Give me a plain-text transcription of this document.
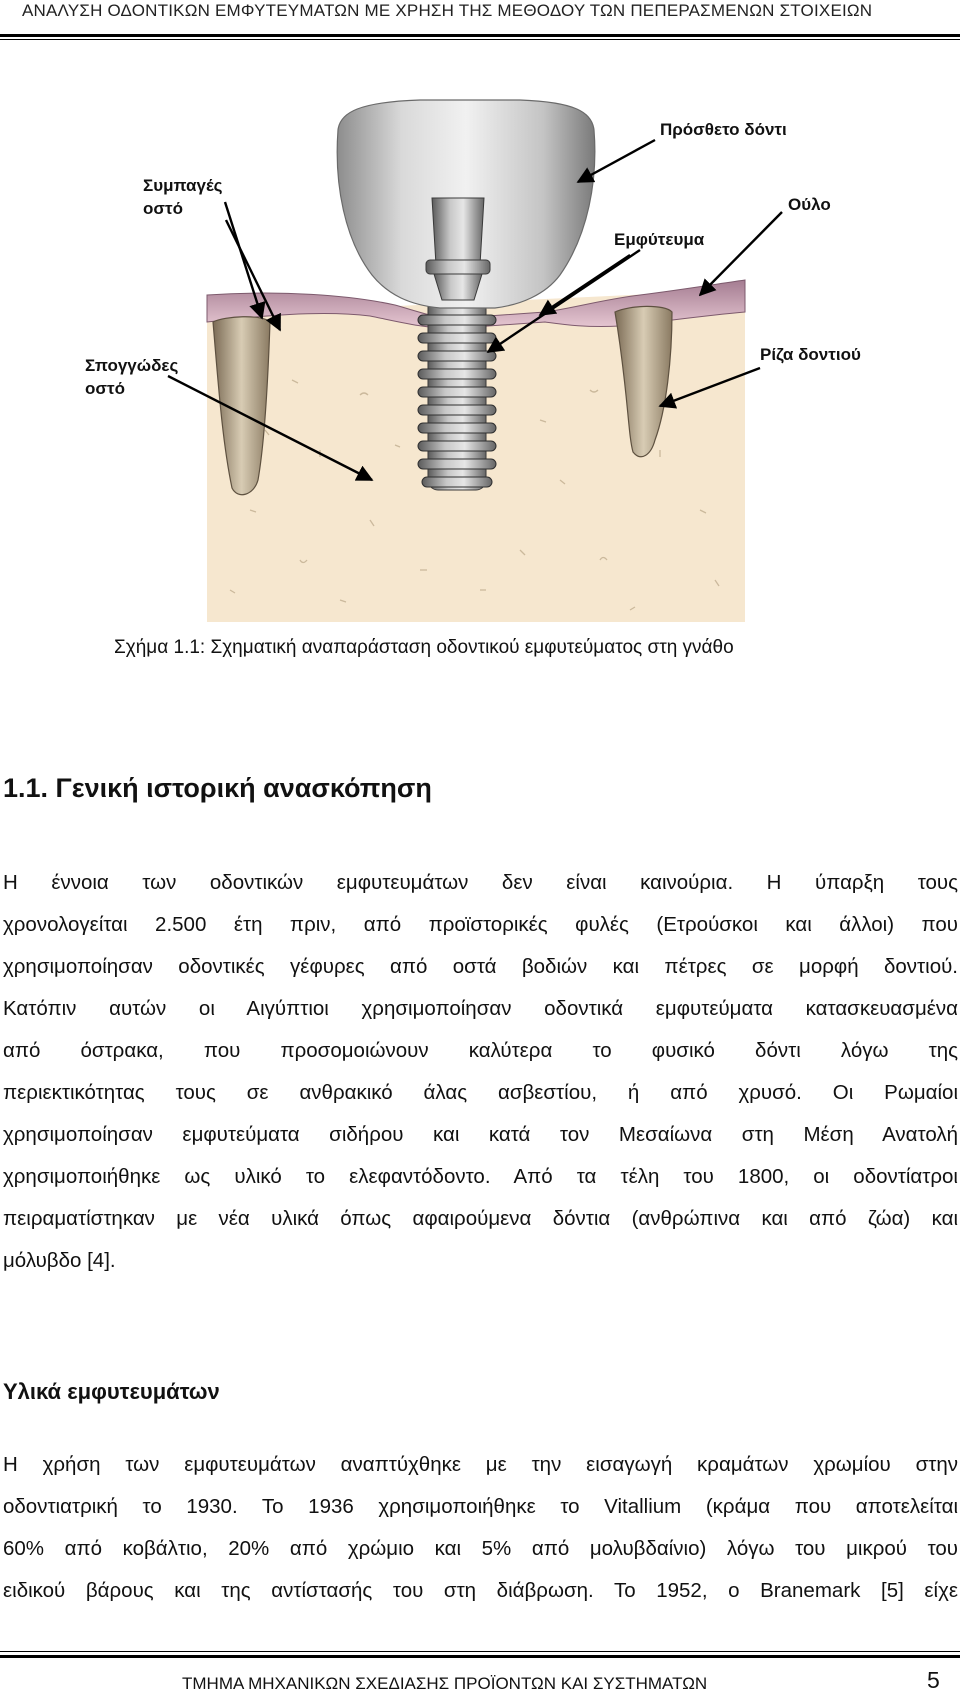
ΑΝΑΛΥΣΗ ΟΔΟΝΤΙΚΩΝ ΕΜΦΥΤΕΥΜΑΤΩΝ ΜΕ ΧΡΗΣΗ ΤΗΣ ΜΕΘΟΔΟΥ ΤΩΝ ΠΕΠΕΡΑΣΜΕΝΩΝ ΣΤΟΙΧΕΙΩΝ
Πρόσθετο δόντι
Συμπαγές
οστό	Ούλο
Εμφύτευμα
Σπογγώδες
οστό
Ρίζα δοντιού
Σχήμα 1.1: Σχηματική αναπαράσταση οδοντικού εμφυτεύματος στη γνάθο
1.1. Γενική ιστορική ανασκόπηση
Η έννοια των οδοντικών εμφυτευμάτων δεν είναι καινούρια. Η ύπαρξη τους
χρονολογείται 2.500 έτη πριν, από προϊστορικές φυλές (Ετρούσκοι και άλλοι) που
χρησιμοποίησαν οδοντικές γέφυρες από οστά βοδιών και πέτρες σε μορφή δοντιού.
Κατόπιν αυτών οι Αιγύπτιοι χρησιμοποίησαν οδοντικά εμφυτεύματα κατασκευασμένα
από όστρακα, που προσομοιώνουν καλύτερα το φυσικό δόντι λόγω της
περιεκτικότητας τους σε ανθρακικό άλας ασβεστίου, ή από χρυσό. Οι Ρωμαίοι
χρησιμοποίησαν εμφυτεύματα σιδήρου και κατά τον Μεσαίωνα στη Μέση Ανατολή
χρησιμοποιήθηκε ως υλικό το ελεφαντόδοντο. Από τα τέλη του 1800, οι οδοντίατροι
πειραματίστηκαν με νέα υλικά όπως αφαιρούμενα δόντια (ανθρώπινα και από ζώα) και
μόλυβδο [4].
Υλικά εμφυτευμάτων
Η χρήση των εμφυτευμάτων αναπτύχθηκε με την εισαγωγή κραμάτων χρωμίου στην
οδοντιατρική το 1930. Το 1936 χρησιμοποιήθηκε το Vitallium (κράμα που αποτελείται
60% από κοβάλτιο, 20% από χρώμιο και 5% από μολυβδαίνιο) λόγω του μικρού του
ειδικού βάρους και της αντίστασής του στη διάβρωση. Το 1952, ο Branemark [5] είχε
ΤΜΗΜΑ ΜΗΧΑΝΙΚΩΝ ΣΧΕΔΙΑΣΗΣ ΠΡΟΪΟΝΤΩΝ ΚΑΙ ΣΥΣΤΗΜΑΤΩΝ	5
